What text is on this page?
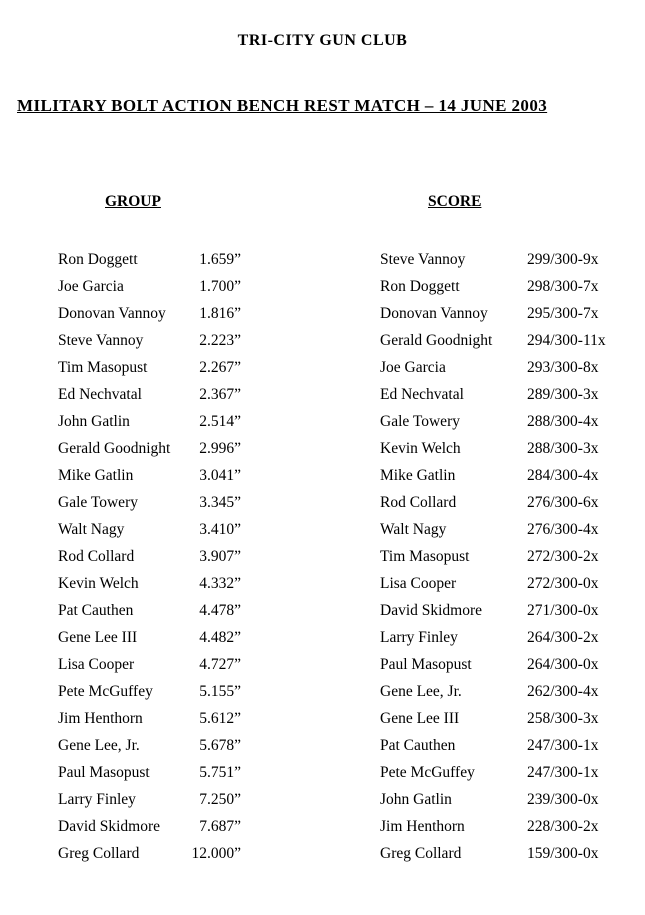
TRI-CITY GUN CLUB
MILITARY BOLT ACTION BENCH REST MATCH – 14 JUNE 2003
GROUP
Ron Doggett	1.659”
Joe Garcia	1.700”
Donovan Vannoy	1.816”
Steve Vannoy	2.223”
Tim Masopust	2.267”
Ed Nechvatal	2.367”
John Gatlin	2.514”
Gerald Goodnight	2.996”
Mike Gatlin	3.041”
Gale Towery	3.345”
Walt Nagy	3.410”
Rod Collard	3.907”
Kevin Welch	4.332”
Pat Cauthen	4.478”
Gene Lee III	4.482”
Lisa Cooper	4.727”
Pete McGuffey	5.155”
Jim Henthorn	5.612”
Gene Lee, Jr.	5.678”
Paul Masopust	5.751”
Larry Finley	7.250”
David Skidmore	7.687”
Greg Collard	12.000”
SCORE
Steve Vannoy	299/300-9x
Ron Doggett	298/300-7x
Donovan Vannoy	295/300-7x
Gerald Goodnight	294/300-11x
Joe Garcia	293/300-8x
Ed Nechvatal	289/300-3x
Gale Towery	288/300-4x
Kevin Welch	288/300-3x
Mike Gatlin	284/300-4x
Rod Collard	276/300-6x
Walt Nagy	276/300-4x
Tim Masopust	272/300-2x
Lisa Cooper	272/300-0x
David Skidmore	271/300-0x
Larry Finley	264/300-2x
Paul Masopust	264/300-0x
Gene Lee, Jr.	262/300-4x
Gene Lee III	258/300-3x
Pat Cauthen	247/300-1x
Pete McGuffey	247/300-1x
John Gatlin	239/300-0x
Jim Henthorn	228/300-2x
Greg Collard	159/300-0x
